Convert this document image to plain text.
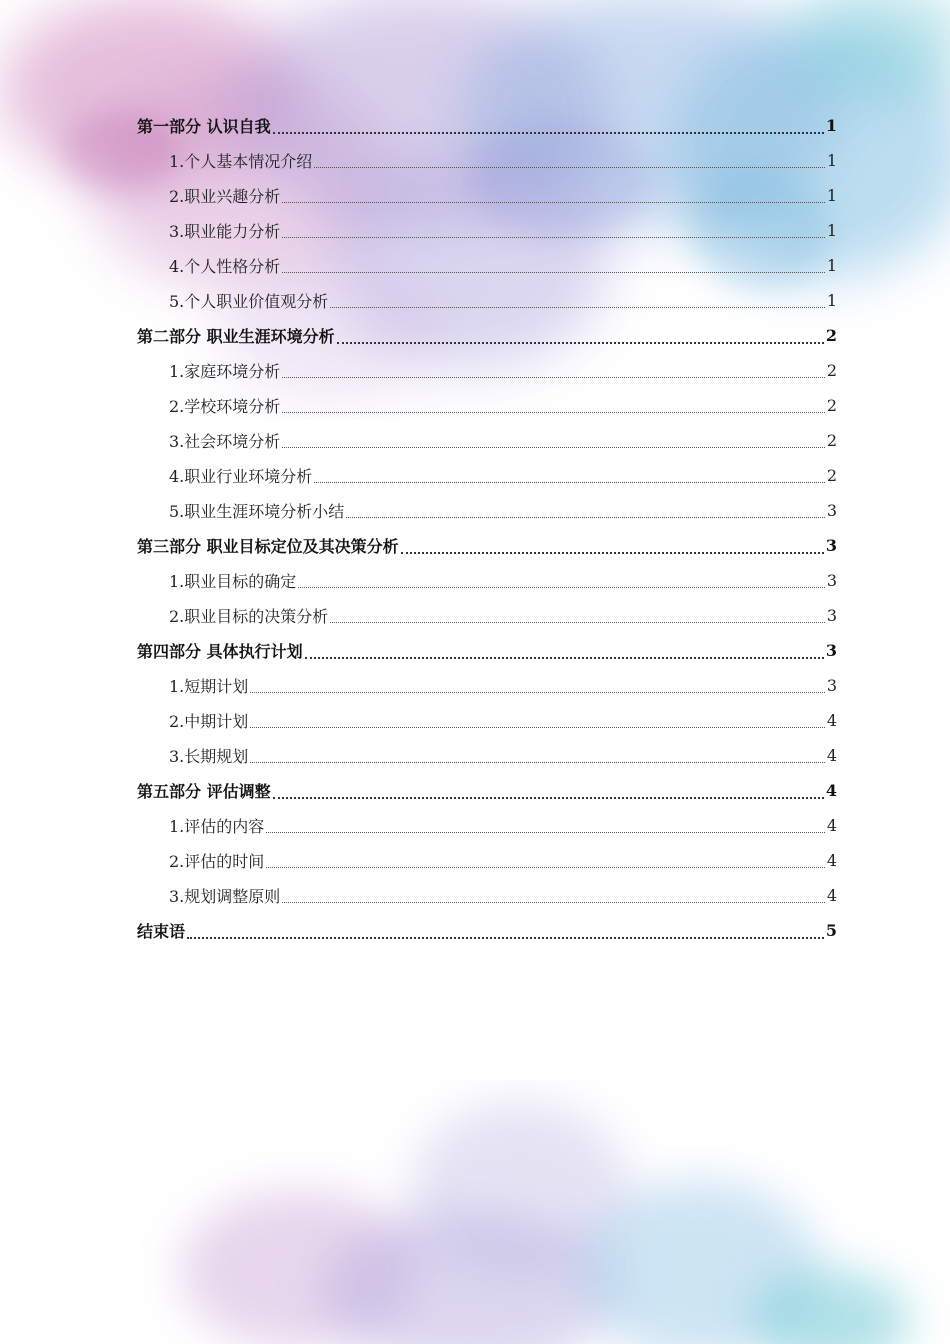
第一部分 认识自我	1
1.个人基本情况介绍	1
2.职业兴趣分析	1
3.职业能力分析	1
4.个人性格分析	1
5.个人职业价值观分析	1
第二部分 职业生涯环境分析	2
1.家庭环境分析	2
2.学校环境分析	2
3.社会环境分析	2
4.职业行业环境分析	2
5.职业生涯环境分析小结	3
第三部分 职业目标定位及其决策分析	3
1.职业目标的确定	3
2.职业目标的决策分析	3
第四部分 具体执行计划	3
1.短期计划	3
2.中期计划	4
3.长期规划	4
第五部分 评估调整	4
1.评估的内容	4
2.评估的时间	4
3.规划调整原则	4
结束语	5
